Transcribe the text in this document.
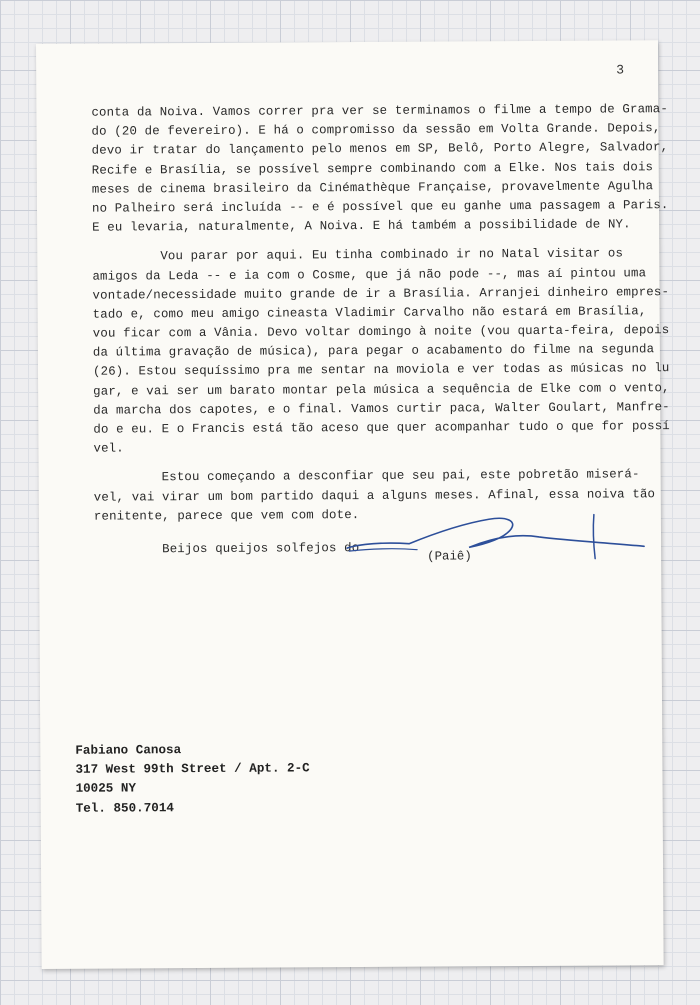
3
conta da Noiva. Vamos correr pra ver se terminamos o filme a tempo de Grama-
do (20 de fevereiro). E há o compromisso da sessão em Volta Grande. Depois,
devo ir tratar do lançamento pelo menos em SP, Belô, Porto Alegre, Salvador,
Recife e Brasília, se possível sempre combinando com a Elke. Nos tais dois
meses de cinema brasileiro da Cinémathèque Française, provavelmente Agulha
no Palheiro será incluída -- e é possível que eu ganhe uma passagem a Paris.
E eu levaria, naturalmente, A Noiva. E há também a possibilidade de NY.
Vou parar por aqui. Eu tinha combinado ir no Natal visitar os
amigos da Leda -- e ia com o Cosme, que já não pode --, mas aí pintou uma
vontade/necessidade muito grande de ir a Brasília. Arranjei dinheiro empres-
tado e, como meu amigo cineasta Vladimir Carvalho não estará em Brasília,
vou ficar com a Vânia. Devo voltar domingo à noite (vou quarta-feira, depois
da última gravação de música), para pegar o acabamento do filme na segunda
(26). Estou sequíssimo pra me sentar na moviola e ver todas as músicas no lu
gar, e vai ser um barato montar pela música a sequência de Elke com o vento,
da marcha dos capotes, e o final. Vamos curtir paca, Walter Goulart, Manfre-
do e eu. E o Francis está tão aceso que quer acompanhar tudo o que for possí
vel.
Estou começando a desconfiar que seu pai, este pobretão miserá-
vel, vai virar um bom partido daqui a alguns meses. Afinal, essa noiva tão
renitente, parece que vem com dote.
Beijos queijos solfejos do
(Paiê)
Fabiano Canosa
317 West 99th Street / Apt. 2-C
10025 NY
Tel. 850.7014
